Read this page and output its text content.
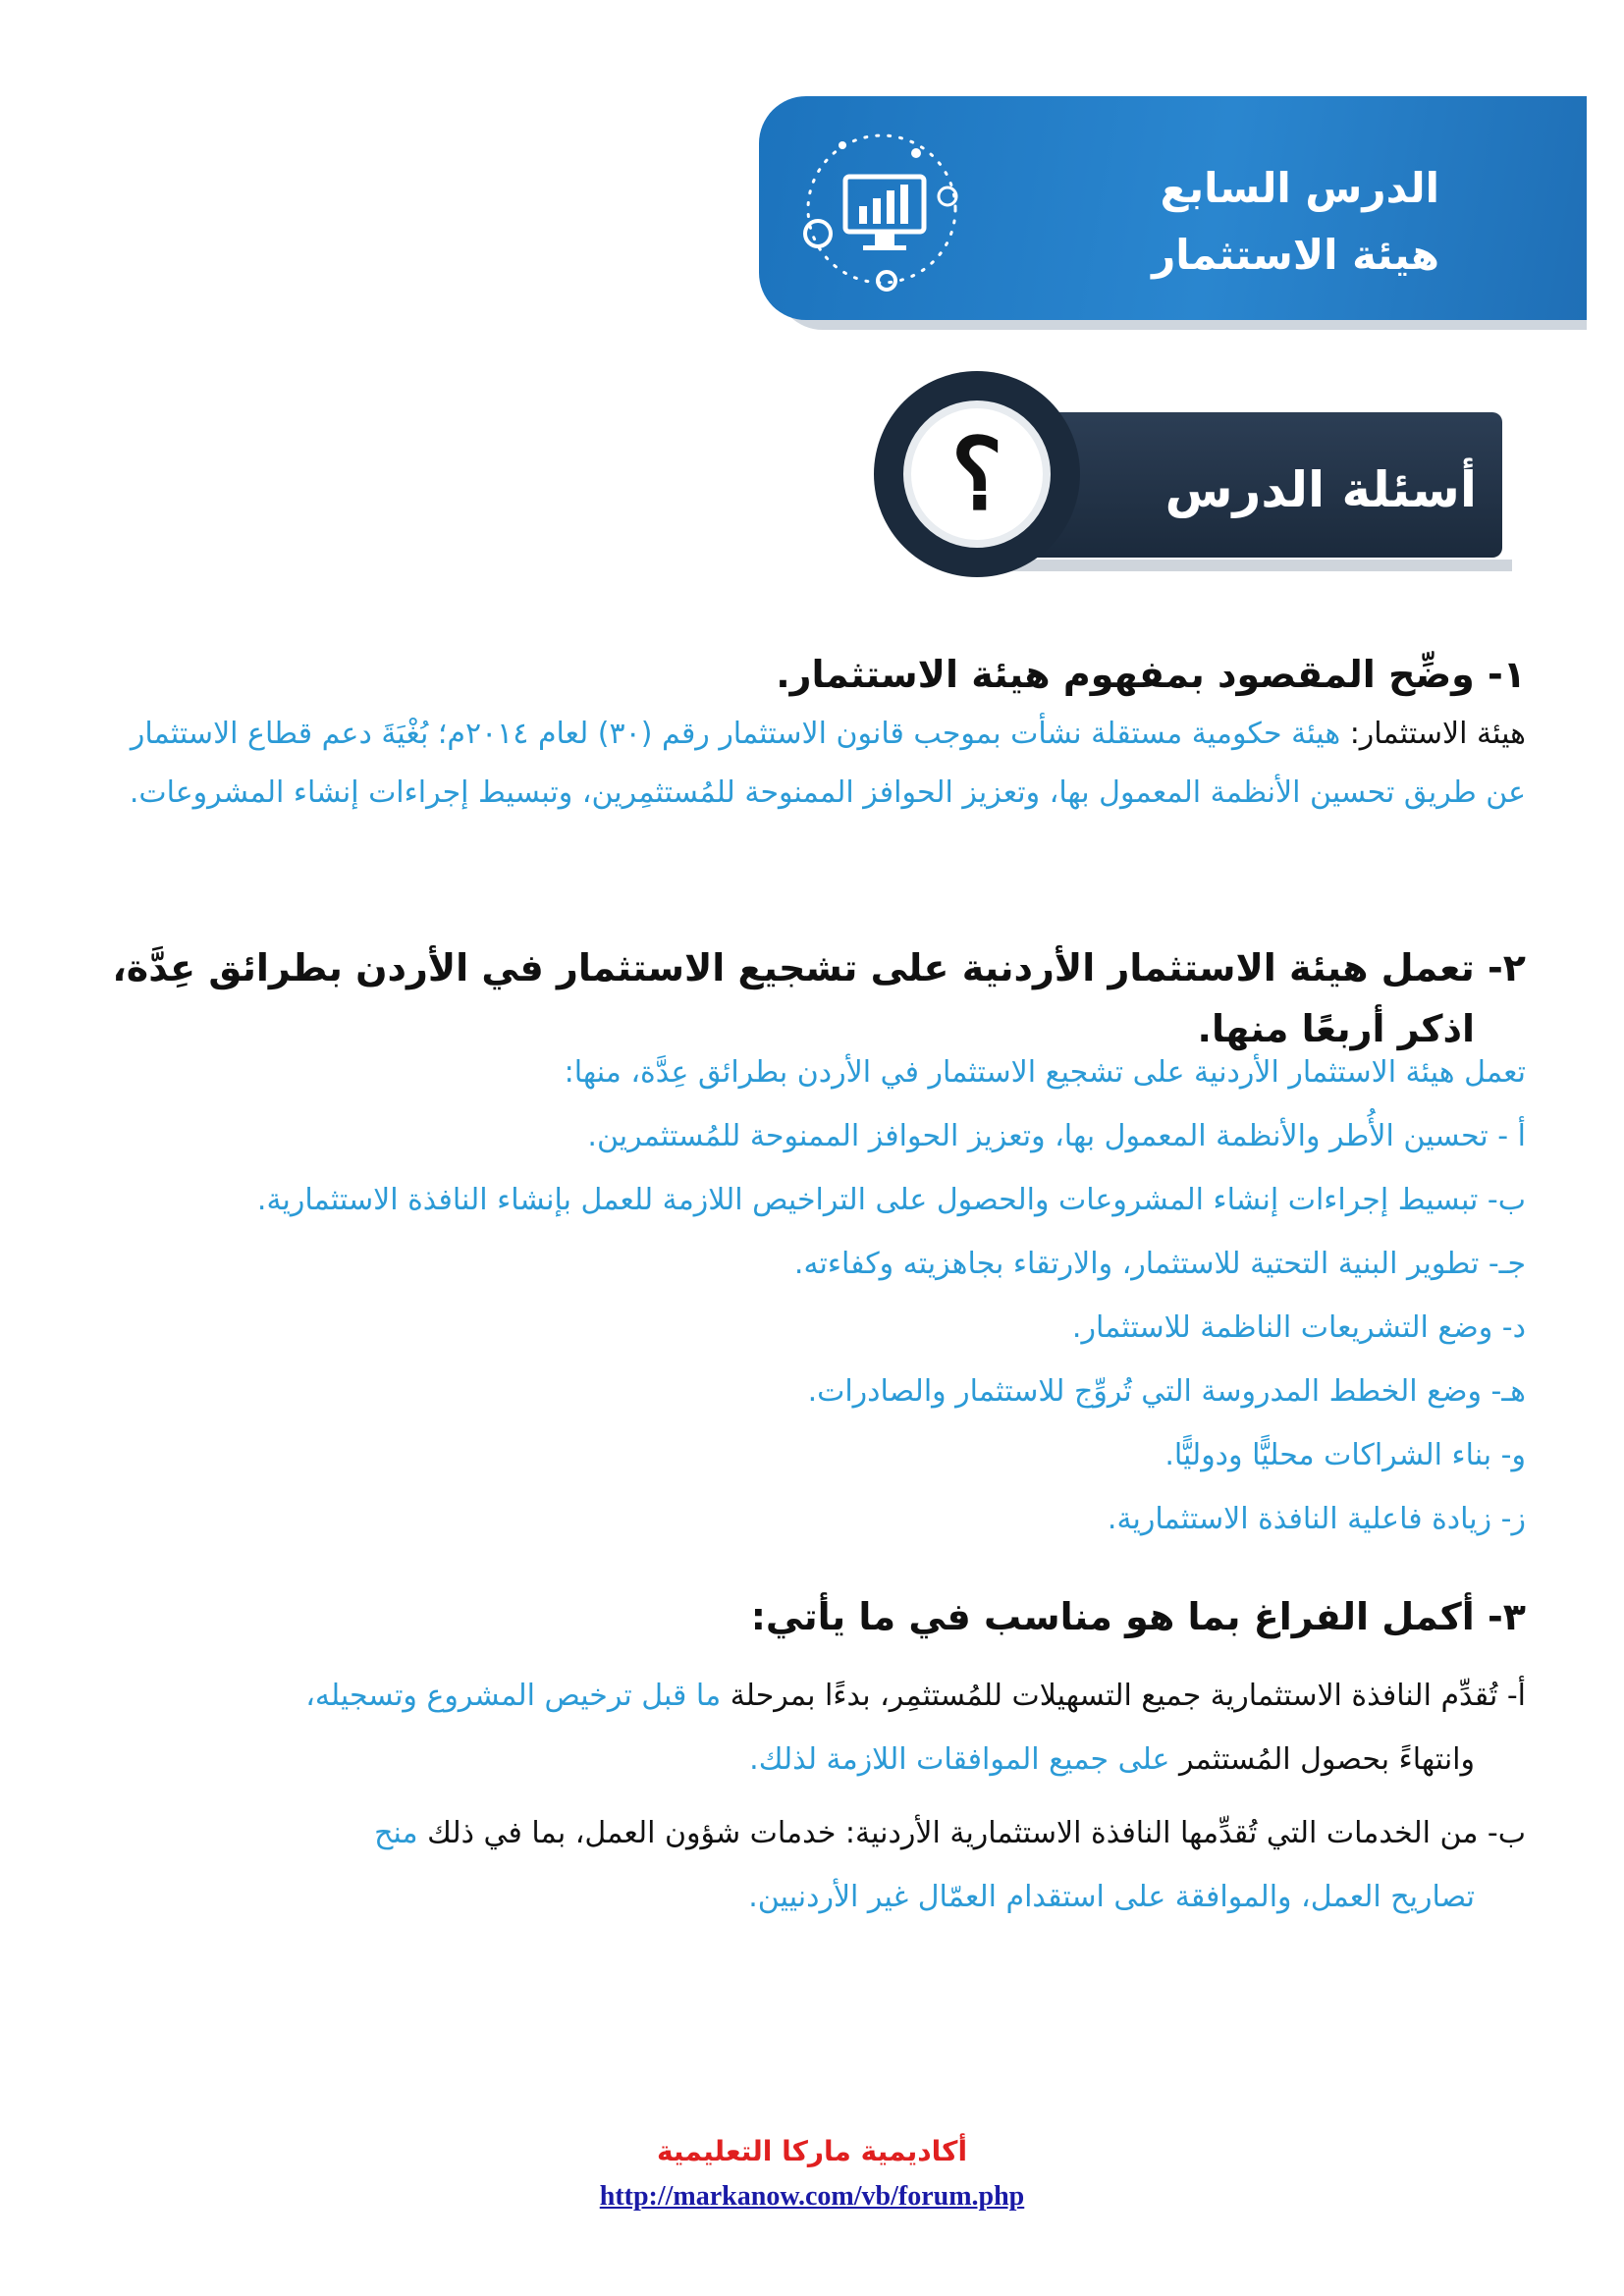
الدرس السابع
هيئة الاستثمار
أسئلة الدرس
؟
١- وضِّح المقصود بمفهوم هيئة الاستثمار.
هيئة الاستثمار: هيئة حكومية مستقلة نشأت بموجب قانون الاستثمار رقم (٣٠) لعام ٢٠١٤م؛ بُغْيَةَ دعم قطاع الاستثمار عن طريق تحسين الأنظمة المعمول بها، وتعزيز الحوافز الممنوحة للمُستثمِرين، وتبسيط إجراءات إنشاء المشروعات.
٢- تعمل هيئة الاستثمار الأردنية على تشجيع الاستثمار في الأردن بطرائق عِدَّة،
اذكر أربعًا منها.
تعمل هيئة الاستثمار الأردنية على تشجيع الاستثمار في الأردن بطرائق عِدَّة، منها:
أ - تحسين الأُطر والأنظمة المعمول بها، وتعزيز الحوافز الممنوحة للمُستثمرين.
ب- تبسيط إجراءات إنشاء المشروعات والحصول على التراخيص اللازمة للعمل بإنشاء النافذة الاستثمارية.
جـ- تطوير البنية التحتية للاستثمار، والارتقاء بجاهزيته وكفاءته.
د- وضع التشريعات الناظمة للاستثمار.
هـ- وضع الخطط المدروسة التي تُروِّج للاستثمار والصادرات.
و- بناء الشراكات محليًّا ودوليًّا.
ز- زيادة فاعلية النافذة الاستثمارية.
٣- أكمل الفراغ بما هو مناسب في ما يأتي:
أ- تُقدِّم النافذة الاستثمارية جميع التسهيلات للمُستثمِر، بدءًا بمرحلة ما قبل ترخيص المشروع وتسجيله،
وانتهاءً بحصول المُستثمر على جميع الموافقات اللازمة لذلك.
ب- من الخدمات التي تُقدِّمها النافذة الاستثمارية الأردنية: خدمات شؤون العمل، بما في ذلك منح
تصاريح العمل، والموافقة على استقدام العمّال غير الأردنيين.
أكاديمية ماركا التعليمية
http://markanow.com/vb/forum.php
